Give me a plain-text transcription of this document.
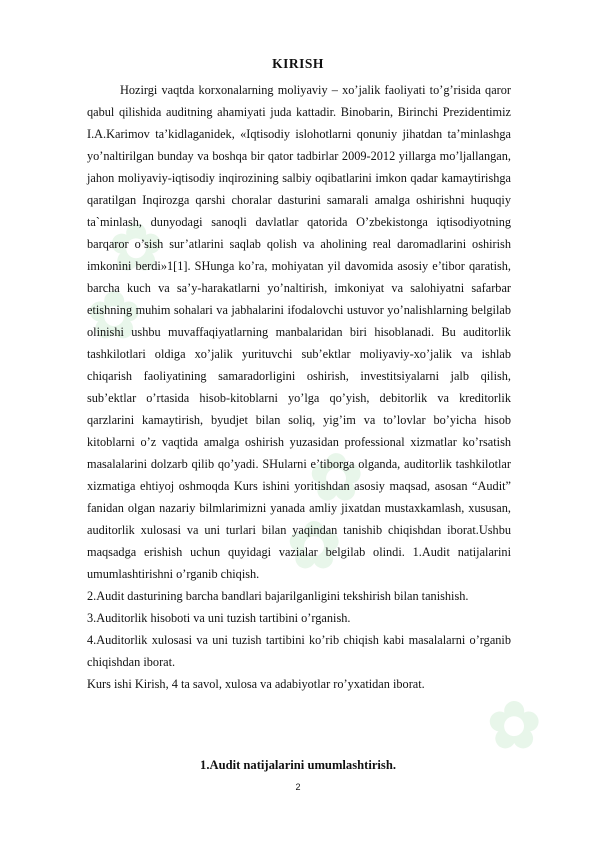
✿ ✿
✿ ✿
✿
KIRISH

Hozirgi vaqtda korxonalarning moliyaviy – xo’jalik faoliyati to’g’risida qaror qabul qilishida auditning ahamiyati juda kattadir. Binobarin, Birinchi Prezidentimiz I.A.Karimov ta’kidlaganidek, «Iqtisodiy islohotlarni qonuniy jihatdan ta’minlashga yo’naltirilgan bunday va boshqa bir qator tadbirlar 2009-2012 yillarga mo’ljallangan, jahon moliyaviy-iqtisodiy inqirozining salbiy oqibatlarini imkon qadar kamaytirishga qaratilgan Inqirozga qarshi choralar dasturini samarali amalga oshirishni huquqiy ta`minlash, dunyodagi sanoqli davlatlar qatorida O’zbekistonga iqtisodiyotning barqaror o’sish sur’atlarini saqlab qolish va aholining real daromadlarini oshirish imkonini berdi»1[1]. SHunga ko’ra, mohiyatan yil davomida asosiy e’tibor qaratish, barcha kuch va sa’y-harakatlarni yo’naltirish, imkoniyat va salohiyatni safarbar etishning muhim sohalari va jabhalarini ifodalovchi ustuvor yo’nalishlarning belgilab olinishi ushbu muvaffaqiyatlarning manbalaridan biri hisoblanadi. Bu auditorlik tashkilotlari oldiga xo’jalik yurituvchi sub’ektlar moliyaviy-xo’jalik va ishlab chiqarish faoliyatining samaradorligini oshirish, investitsiyalarni jalb qilish, sub’ektlar o’rtasida hisob-kitoblarni yo’lga qo’yish, debitorlik va kreditorlik qarzlarini kamaytirish, byudjet bilan soliq, yig’im va to’lovlar bo’yicha hisob kitoblarni o’z vaqtida amalga oshirish yuzasidan professional xizmatlar ko’rsatish masalalarini dolzarb qilib qo’yadi. SHularni e’tiborga olganda, auditorlik tashkilotlar xizmatiga ehtiyoj oshmoqda Kurs ishini yoritishdan asosiy maqsad, asosan “Audit” fanidan olgan nazariy bilmlarimizni yanada amliy jixatdan mustaxkamlash, xususan, auditorlik xulosasi va uni turlari bilan yaqindan tanishib chiqishdan iborat.Ushbu maqsadga erishish uchun quyidagi vazialar belgilab olindi. 1.Audit natijalarini umumlashtirishni o’rganib chiqish.

2.Audit dasturining barcha bandlari bajarilganligini tekshirish bilan tanishish.

3.Auditorlik hisoboti va uni tuzish tartibini o’rganish.

4.Auditorlik xulosasi va uni tuzish tartibini ko’rib chiqish kabi masalalarni o’rganib chiqishdan iborat.

Kurs ishi Kirish, 4 ta savol, xulosa va adabiyotlar ro’yxatidan iborat.

1.Audit natijalarini umumlashtirish.
2
